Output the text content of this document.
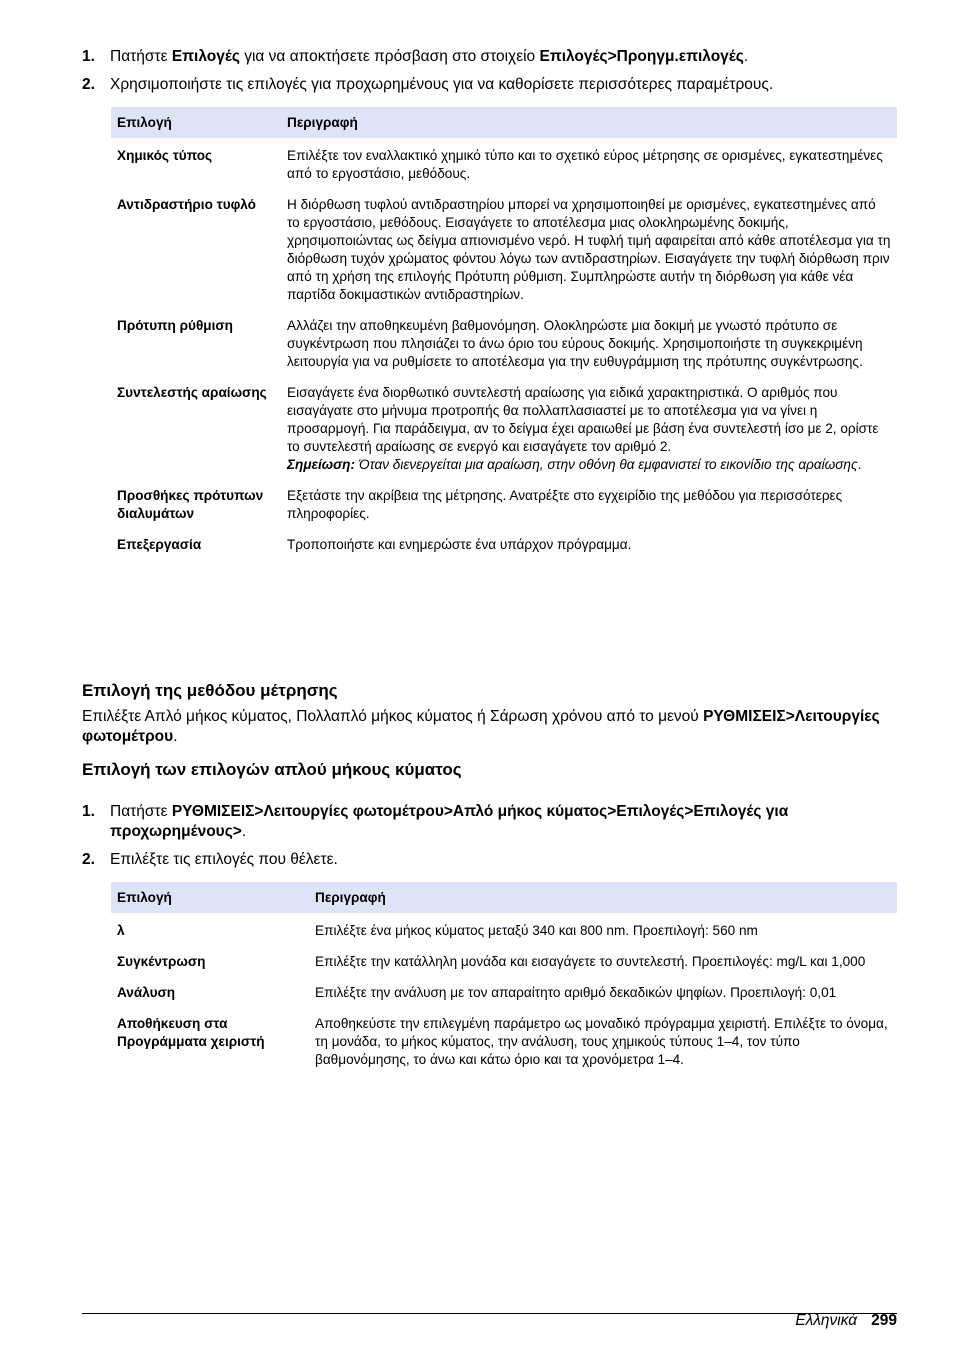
1. Πατήστε Επιλογές για να αποκτήσετε πρόσβαση στο στοιχείο Επιλογές>Προηγμ.επιλογές.
2. Χρησιμοποιήστε τις επιλογές για προχωρημένους για να καθορίσετε περισσότερες παραμέτρους.
Επιλογή	Περιγραφή
Χημικός τύπος	Επιλέξτε τον εναλλακτικό χημικό τύπο και το σχετικό εύρος μέτρησης σε ορισμένες, εγκατεστημένες από το εργοστάσιο, μεθόδους.
Αντιδραστήριο τυφλό	Η διόρθωση τυφλού αντιδραστηρίου μπορεί να χρησιμοποιηθεί με ορισμένες, εγκατεστημένες από το εργοστάσιο, μεθόδους. Εισαγάγετε το αποτέλεσμα μιας ολοκληρωμένης δοκιμής, χρησιμοποιώντας ως δείγμα απιονισμένο νερό. Η τυφλή τιμή αφαιρείται από κάθε αποτέλεσμα για τη διόρθωση τυχόν χρώματος φόντου λόγω των αντιδραστηρίων. Εισαγάγετε την τυφλή διόρθωση πριν από τη χρήση της επιλογής Πρότυπη ρύθμιση. Συμπληρώστε αυτήν τη διόρθωση για κάθε νέα παρτίδα δοκιμαστικών αντιδραστηρίων.
Πρότυπη ρύθμιση	Αλλάζει την αποθηκευμένη βαθμονόμηση. Ολοκληρώστε μια δοκιμή με γνωστό πρότυπο σε συγκέντρωση που πλησιάζει το άνω όριο του εύρους δοκιμής. Χρησιμοποιήστε τη συγκεκριμένη λειτουργία για να ρυθμίσετε το αποτέλεσμα για την ευθυγράμμιση της πρότυπης συγκέντρωσης.
Συντελεστής αραίωσης	Εισαγάγετε ένα διορθωτικό συντελεστή αραίωσης για ειδικά χαρακτηριστικά. Ο αριθμός που εισαγάγατε στο μήνυμα προτροπής θα πολλαπλασιαστεί με το αποτέλεσμα για να γίνει η προσαρμογή. Για παράδειγμα, αν το δείγμα έχει αραιωθεί με βάση ένα συντελεστή ίσο με 2, ορίστε το συντελεστή αραίωσης σε ενεργό και εισαγάγετε τον αριθμό 2.
Σημείωση: Όταν διενεργείται μια αραίωση, στην οθόνη θα εμφανιστεί το εικονίδιο της αραίωσης.
Προσθήκες πρότυπων διαλυμάτων	Εξετάστε την ακρίβεια της μέτρησης. Ανατρέξτε στο εγχειρίδιο της μεθόδου για περισσότερες πληροφορίες.
Επεξεργασία	Τροποποιήστε και ενημερώστε ένα υπάρχον πρόγραμμα.
Επιλογή της μεθόδου μέτρησης

Επιλέξτε Απλό μήκος κύματος, Πολλαπλό μήκος κύματος ή Σάρωση χρόνου από το μενού ΡΥΘΜΙΣΕΙΣ>Λειτουργίες φωτομέτρου.

Επιλογή των επιλογών απλού μήκους κύματος
1. Πατήστε ΡΥΘΜΙΣΕΙΣ>Λειτουργίες φωτομέτρου>Απλό μήκος κύματος>Επιλογές>Επιλογές για προχωρημένους>.
2. Επιλέξτε τις επιλογές που θέλετε.
Επιλογή	Περιγραφή
λ	Επιλέξτε ένα μήκος κύματος μεταξύ 340 και 800 nm. Προεπιλογή: 560 nm
Συγκέντρωση	Επιλέξτε την κατάλληλη μονάδα και εισαγάγετε το συντελεστή. Προεπιλογές: mg/L και 1,000
Ανάλυση	Επιλέξτε την ανάλυση με τον απαραίτητο αριθμό δεκαδικών ψηφίων. Προεπιλογή: 0,01
Αποθήκευση στα Προγράμματα χειριστή	Αποθηκεύστε την επιλεγμένη παράμετρο ως μοναδικό πρόγραμμα χειριστή. Επιλέξτε το όνομα, τη μονάδα, το μήκος κύματος, την ανάλυση, τους χημικούς τύπους 1–4, τον τύπο βαθμονόμησης, το άνω και κάτω όριο και τα χρονόμετρα 1–4.
Ελληνικά 299
